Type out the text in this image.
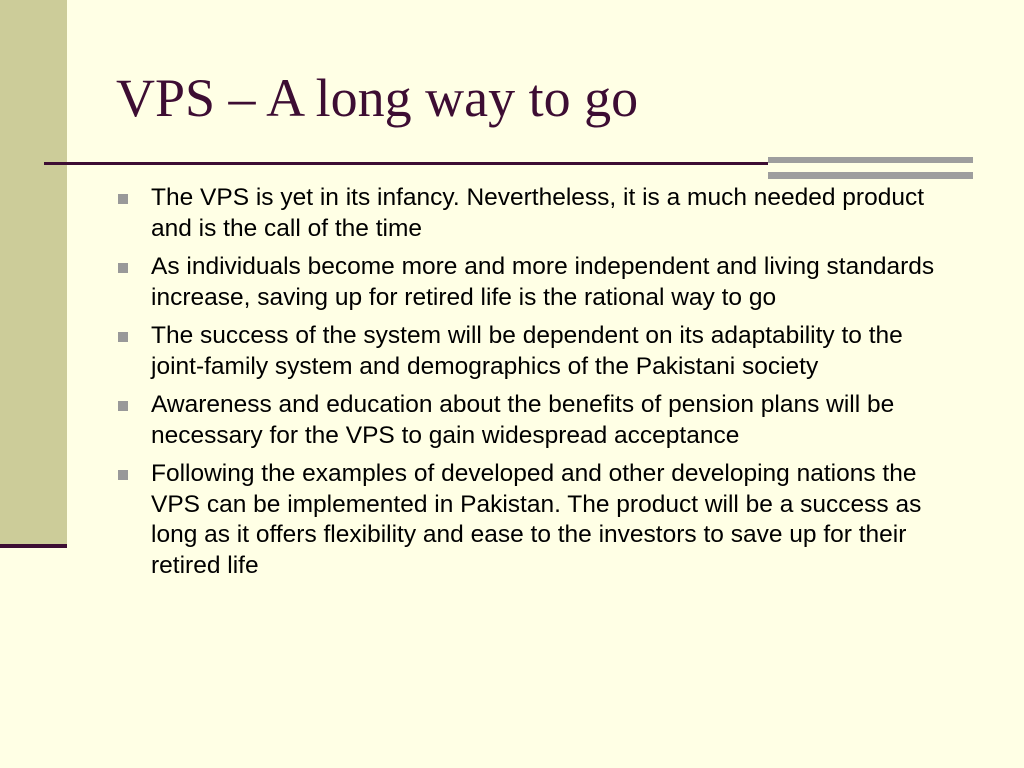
VPS – A long way to go
The VPS is yet in its infancy. Nevertheless, it is a much needed product and is the call of the time
As individuals become more and more independent and living standards increase, saving up for retired life is the rational way to go
The success of the system will be dependent on its adaptability to the joint-family system and demographics of the Pakistani society
Awareness and education about the benefits of pension plans will be necessary for the VPS to gain widespread acceptance
Following the examples of developed and other developing nations the VPS can be implemented in Pakistan. The product will be a success as long as it offers flexibility and ease to the investors to save up for their retired life
